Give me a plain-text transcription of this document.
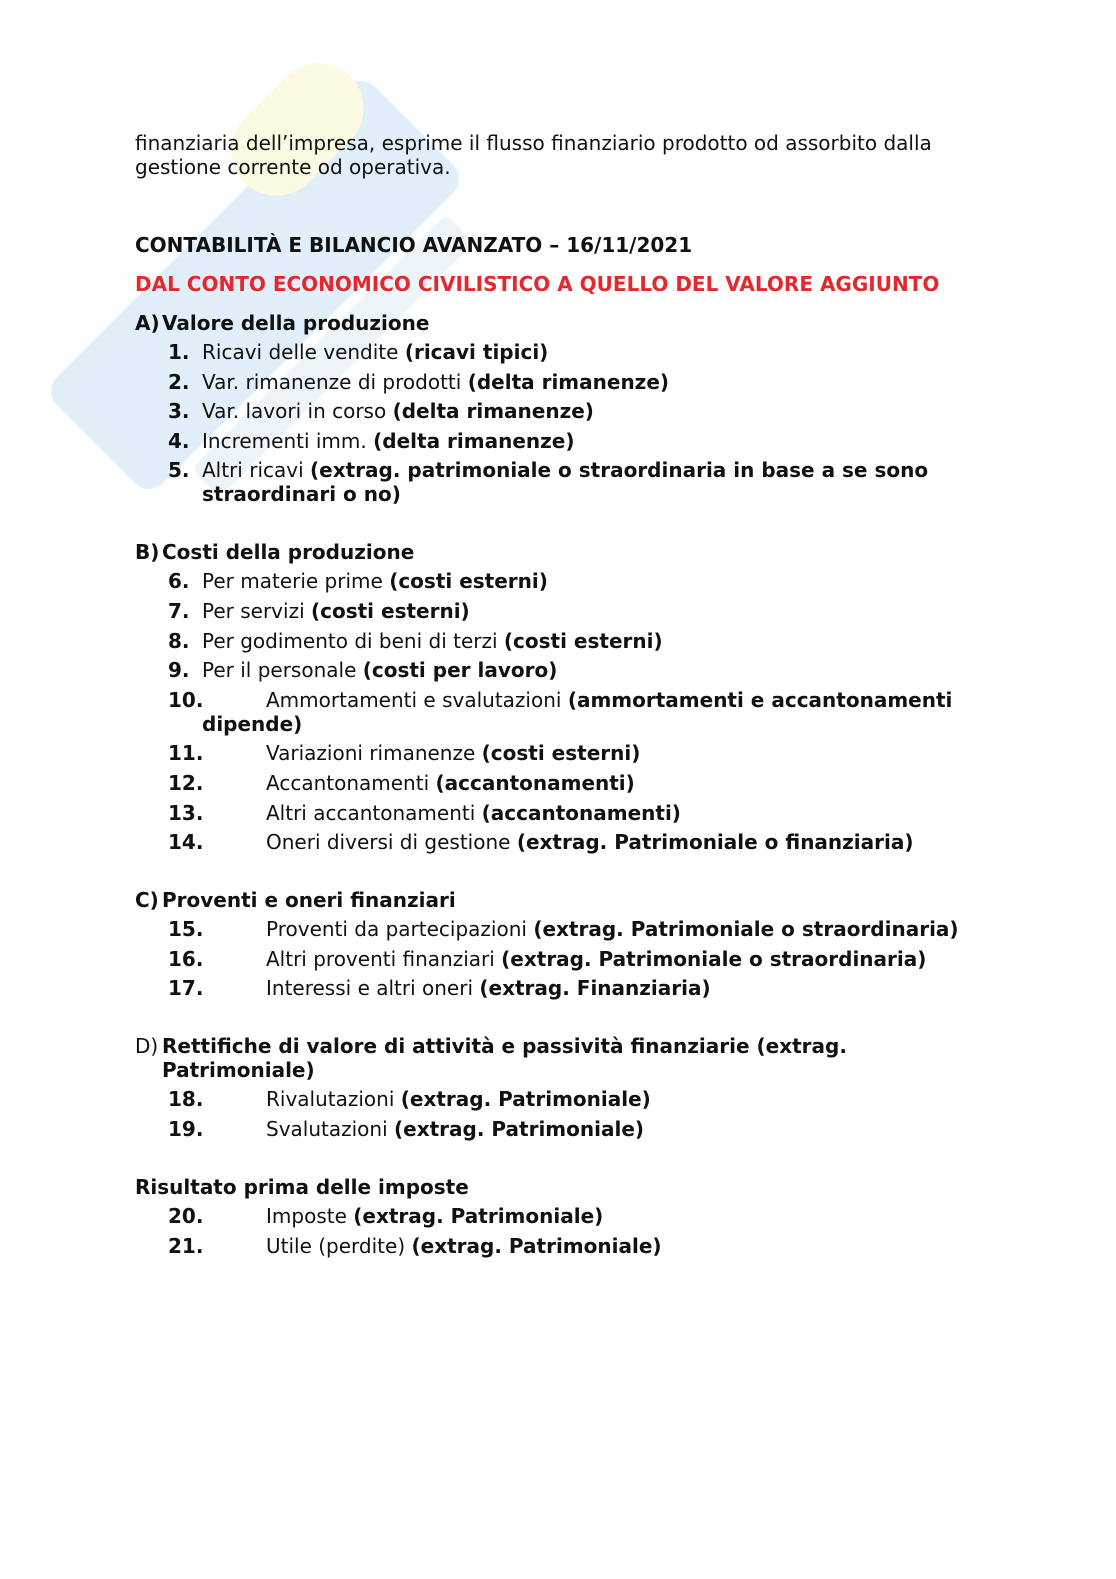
finanziaria dell’impresa, esprime il flusso finanziario prodotto od assorbito dalla gestione corrente od operativa.

CONTABILITÀ E BILANCIO AVANZATO – 16/11/2021

DAL CONTO ECONOMICO CIVILISTICO A QUELLO DEL VALORE AGGIUNTO

A) Valore della produzione
1. Ricavi delle vendite (ricavi tipici)
2. Var. rimanenze di prodotti (delta rimanenze)
3. Var. lavori in corso (delta rimanenze)
4. Incrementi imm. (delta rimanenze)
5. Altri ricavi (extrag. patrimoniale o straordinaria in base a se sono straordinari o no)
B) Costi della produzione
6. Per materie prime (costi esterni)
7. Per servizi (costi esterni)
8. Per godimento di beni di terzi (costi esterni)
9. Per il personale (costi per lavoro)
10.	Ammortamenti e svalutazioni (ammortamenti e accantonamenti dipende)
11.	Variazioni rimanenze (costi esterni)
12.	Accantonamenti (accantonamenti)
13.	Altri accantonamenti (accantonamenti)
14.	Oneri diversi di gestione (extrag. Patrimoniale o finanziaria)
C) Proventi e oneri finanziari
15.	Proventi da partecipazioni (extrag. Patrimoniale o straordinaria)
16.	Altri proventi finanziari (extrag. Patrimoniale o straordinaria)
17.	Interessi e altri oneri (extrag. Finanziaria)
D) Rettifiche di valore di attività e passività finanziarie (extrag. Patrimoniale)
18.	Rivalutazioni (extrag. Patrimoniale)
19.	Svalutazioni (extrag. Patrimoniale)
Risultato prima delle imposte
20.	Imposte (extrag. Patrimoniale)
21.	Utile (perdite) (extrag. Patrimoniale)
